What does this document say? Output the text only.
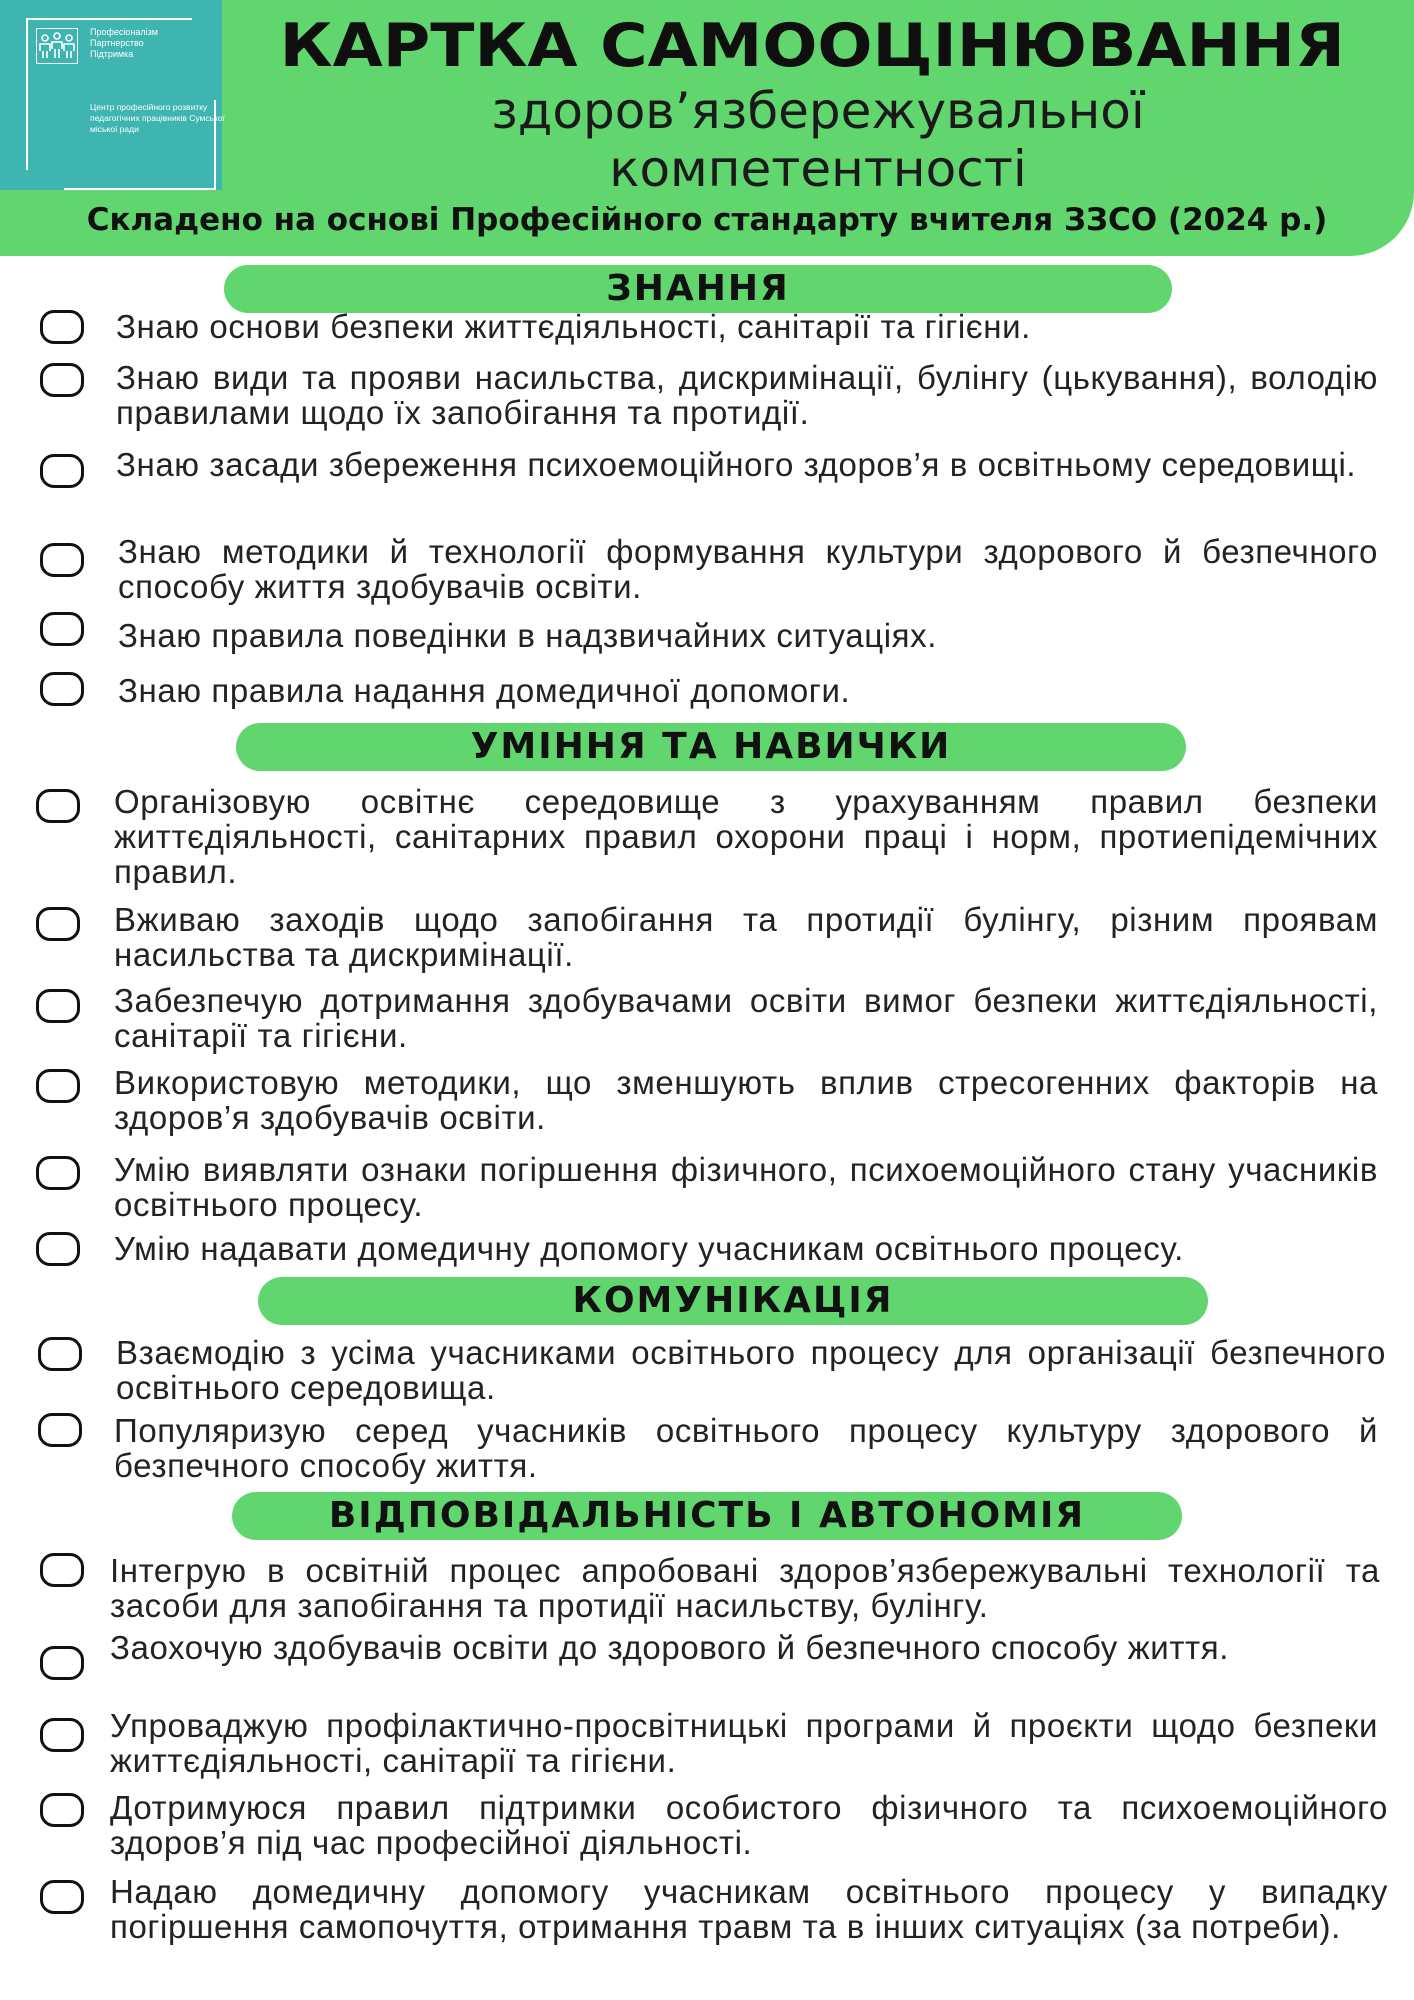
Професіоналізм
Партнерство
Підтримка
Центр професійного розвитку педагогічних працівників Сумської міської ради
КАРТКА САМООЦІНЮВАННЯ
здоров’язбережувальної
компетентності
Складено на основі Професійного стандарту вчителя ЗЗСО (2024 р.)
ЗНАННЯ
Знаю основи безпеки життєдіяльності, санітарії та гігієни.
Знаю види та прояви насильства, дискримінації, булінгу (цькування), володію правилами щодо їх запобігання та протидії.
Знаю засади збереження психоемоційного здоров’я в освітньому середовищі.
Знаю методики й технології формування культури здорового й безпечного способу життя здобувачів освіти.
Знаю правила поведінки в надзвичайних ситуаціях.
Знаю правила надання домедичної допомоги.
УМІННЯ ТА НАВИЧКИ
Організовую освітнє середовище з урахуванням правил безпеки життєдіяльності, санітарних правил охорони праці і норм, протиепідемічних правил.
Вживаю заходів щодо запобігання та протидії булінгу, різним проявам насильства та дискримінації.
Забезпечую дотримання здобувачами освіти вимог безпеки життєдіяльності, санітарії та гігієни.
Використовую методики, що зменшують вплив стресогенних факторів на здоров’я здобувачів освіти.
Умію виявляти ознаки погіршення фізичного, психоемоційного стану учасників освітнього процесу.
Умію надавати домедичну допомогу учасникам освітнього процесу.
КОМУНІКАЦІЯ
Взаємодію з усіма учасниками освітнього процесу для організації безпечного освітнього середовища.
Популяризую серед учасників освітнього процесу культуру здорового й безпечного способу життя.
ВІДПОВІДАЛЬНІСТЬ І АВТОНОМІЯ
Інтегрую в освітній процес апробовані здоров’язбережувальні технології та засоби для запобігання та протидії насильству, булінгу.
Заохочую здобувачів освіти до здорового й безпечного способу життя.
Упроваджую профілактично-просвітницькі програми й проєкти щодо безпеки життєдіяльності, санітарії та гігієни.
Дотримуюся правил підтримки особистого фізичного та психоемоційного здоров’я під час професійної діяльності.
Надаю домедичну допомогу учасникам освітнього процесу у випадку погіршення самопочуття, отримання травм та в інших ситуаціях (за потреби).
